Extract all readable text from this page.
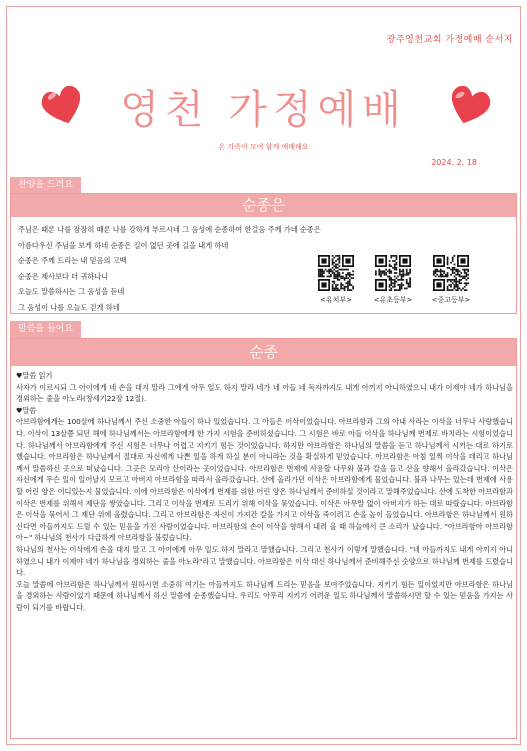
광주영천교회 가정예배 순서지
영천 가정예배
온 가족이 모여 함께 예배해요
2024. 2. 18
찬양을 드려요
순종은
주님은 때론 나를 잠잠히 때론 나를 강하게 부르시네 그 음성에 순종하여 한걸음 주께 가네 순종은
아름다우신 주님을 보게 하네 순종은 길이 없던 곳에 길을 내게 하네
순종은 주께 드리는 내 믿음의 고백
순종은 제사보다 더 귀하나니
오늘도 말씀하시는 그 음성을 듣네
그 음성이 나를 오늘도 걷게 하네
<유치부>	<유초등부>	<중고등부>
말씀을 들어요
순종

♥말씀 읽기

사자가 이르시되 그 아이에게 네 손을 대지 말라 그에게 아무 일도 하지 말라 네가 네 아들 네 독자까지도 내게 아끼지 아니하였으니 내가 이제야 네가 하나님을 경외하는 줄을 아노라(창세기22장 12절).

♥말씀

아브라함에게는 100살에 하나님께서 주신 소중한 아들이 하나 있었습니다. 그 아들은 이삭이었습니다. 아브라함과 그의 아내 사라는 이삭을 너무나 사랑했습니다. 이삭이 13살쯤 되던 해에 하나님께서는 아브라함에게 한 가지 시험을 준비하셨습니다. 그 시험은 바로 아들 이삭을 하나님께 번제로 바치라는 시험이었습니다. 하나님께서 아브라함에게 주신 시험은 너무나 어렵고 지키기 힘든 것이었습니다. 하지만 아브라함은 하나님의 말씀을 듣고 하나님께서 시키는 대로 하기로 했습니다. 아브라함은 하나님께서 절대로 자신에게 나쁜 일을 하게 하실 분이 아니라는 것을 확실하게 믿었습니다. 아브라함은 아침 일찍 이삭을 데리고 하나님께서 말씀하신 곳으로 떠났습니다. 그곳은 모리아 산이라는 곳이었습니다. 아브라함은 번제에 사용할 나무와 불과 칼을 들고 산을 향해서 올라갔습니다. 이삭은 자신에게 무슨 일이 일어날지 모르고 아버지 아브라함을 따라서 올라갔습니다. 산에 올라가던 이삭은 아브라함에게 물었습니다. 불과 나무는 있는데 번제에 사용할 어린 양은 어디있는지 물었습니다. 이에 아브라함은 이삭에게 번제를 위한 어린 양은 하나님께서 준비하실 것이라고 말해주었습니다. 산에 도착한 아브라함과 이삭은 번제를 위해서 제단을 쌓았습니다. 그리고 이삭을 번제로 드리기 위해 이삭을 묶었습니다. 이삭은 아무말 없이 아버지가 하는 대로 따랐습니다. 아브라함은 이삭을 묶어서 그 제단 위에 올렸습니다. 그리고 아브라함은 자신이 가져간 칼을 가지고 이삭을 죽이려고 손을 높이 들었습니다. 아브라함은 하나님께서 원하신다면 아들까지도 드릴 수 있는 믿음을 가진 사람이었습니다. 아브라함의 손이 이삭을 향해서 내려 올 때 하늘에서 큰 소리가 났습니다. "아브라함아 아브라함아~" 하나님의 천사가 다급하게 아브라함을 불렀습니다.

하나님의 천사는 이삭에게 손을 대지 말고 그 아이에게 아무 일도 하지 말라고 말했습니다. 그리고 천사가 이렇게 말했습니다. "네 아들까지도 내게 아끼지 아니하였으니 내가 이제야 네가 하나님을 경외하는 줄을 아노라"라고 말했습니다. 아브라함은 이삭 대신 하나님께서 준비해주신 숫양으로 하나님께 번제를 드렸습니다.

오늘 말씀에 아브라함은 하나님께서 원하시면 소중히 여기는 아들까지도 하나님께 드리는 믿음을 보여주었습니다. 지키기 힘든 일이었지만 아브라함은 하나님을 경외하는 사람이었기 때문에 하나님께서 하신 말씀에 순종했습니다. 우리도 아무리 지키기 어려운 일도 하나님께서 말씀하시면 할 수 있는 믿음을 가지는 사람이 되기를 바랍니다.
